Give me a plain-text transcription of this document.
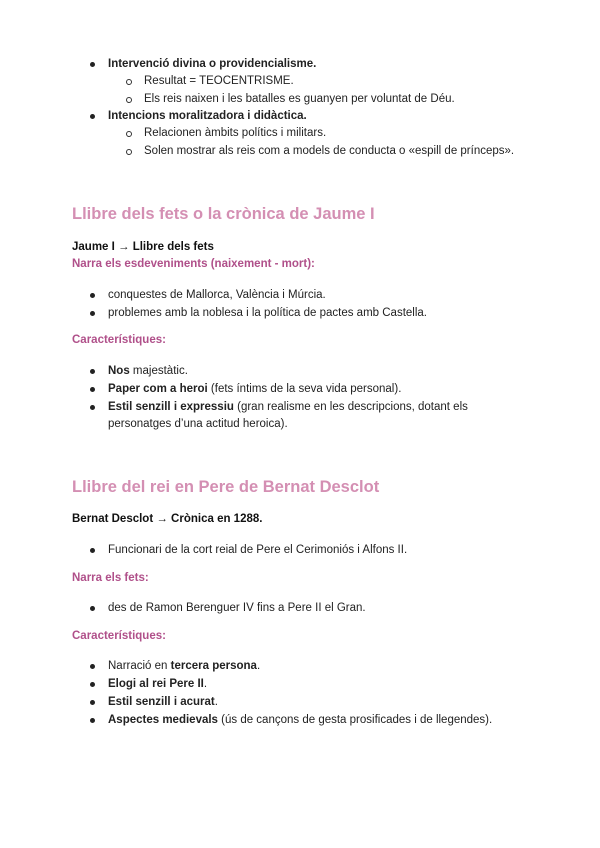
Intervenció divina o providencialisme.
Resultat = TEOCENTRISME.
Els reis naixen i les batalles es guanyen per voluntat de Déu.
Intencions moralitzadora i didàctica.
Relacionen àmbits polítics i militars.
Solen mostrar als reis com a models de conducta o «espill de prínceps».
Llibre dels fets o la crònica de Jaume I
Jaume I → Llibre dels fets
Narra els esdeveniments (naixement - mort):
conquestes de Mallorca, València i Múrcia.
problemes amb la noblesa i la política de pactes amb Castella.
Característiques:
Nos majestàtic.
Paper com a heroi (fets íntims de la seva vida personal).
Estil senzill i expressiu (gran realisme en les descripcions, dotant els personatges d’una actitud heroica).
Llibre del rei en Pere de Bernat Desclot
Bernat Desclot → Crònica en 1288.
Funcionari de la cort reial de Pere el Cerimoniós i Alfons II.
Narra els fets:
des de Ramon Berenguer IV fins a Pere II el Gran.
Característiques:
Narració en tercera persona.
Elogi al rei Pere II.
Estil senzill i acurat.
Aspectes medievals (ús de cançons de gesta prosificades i de llegendes).
